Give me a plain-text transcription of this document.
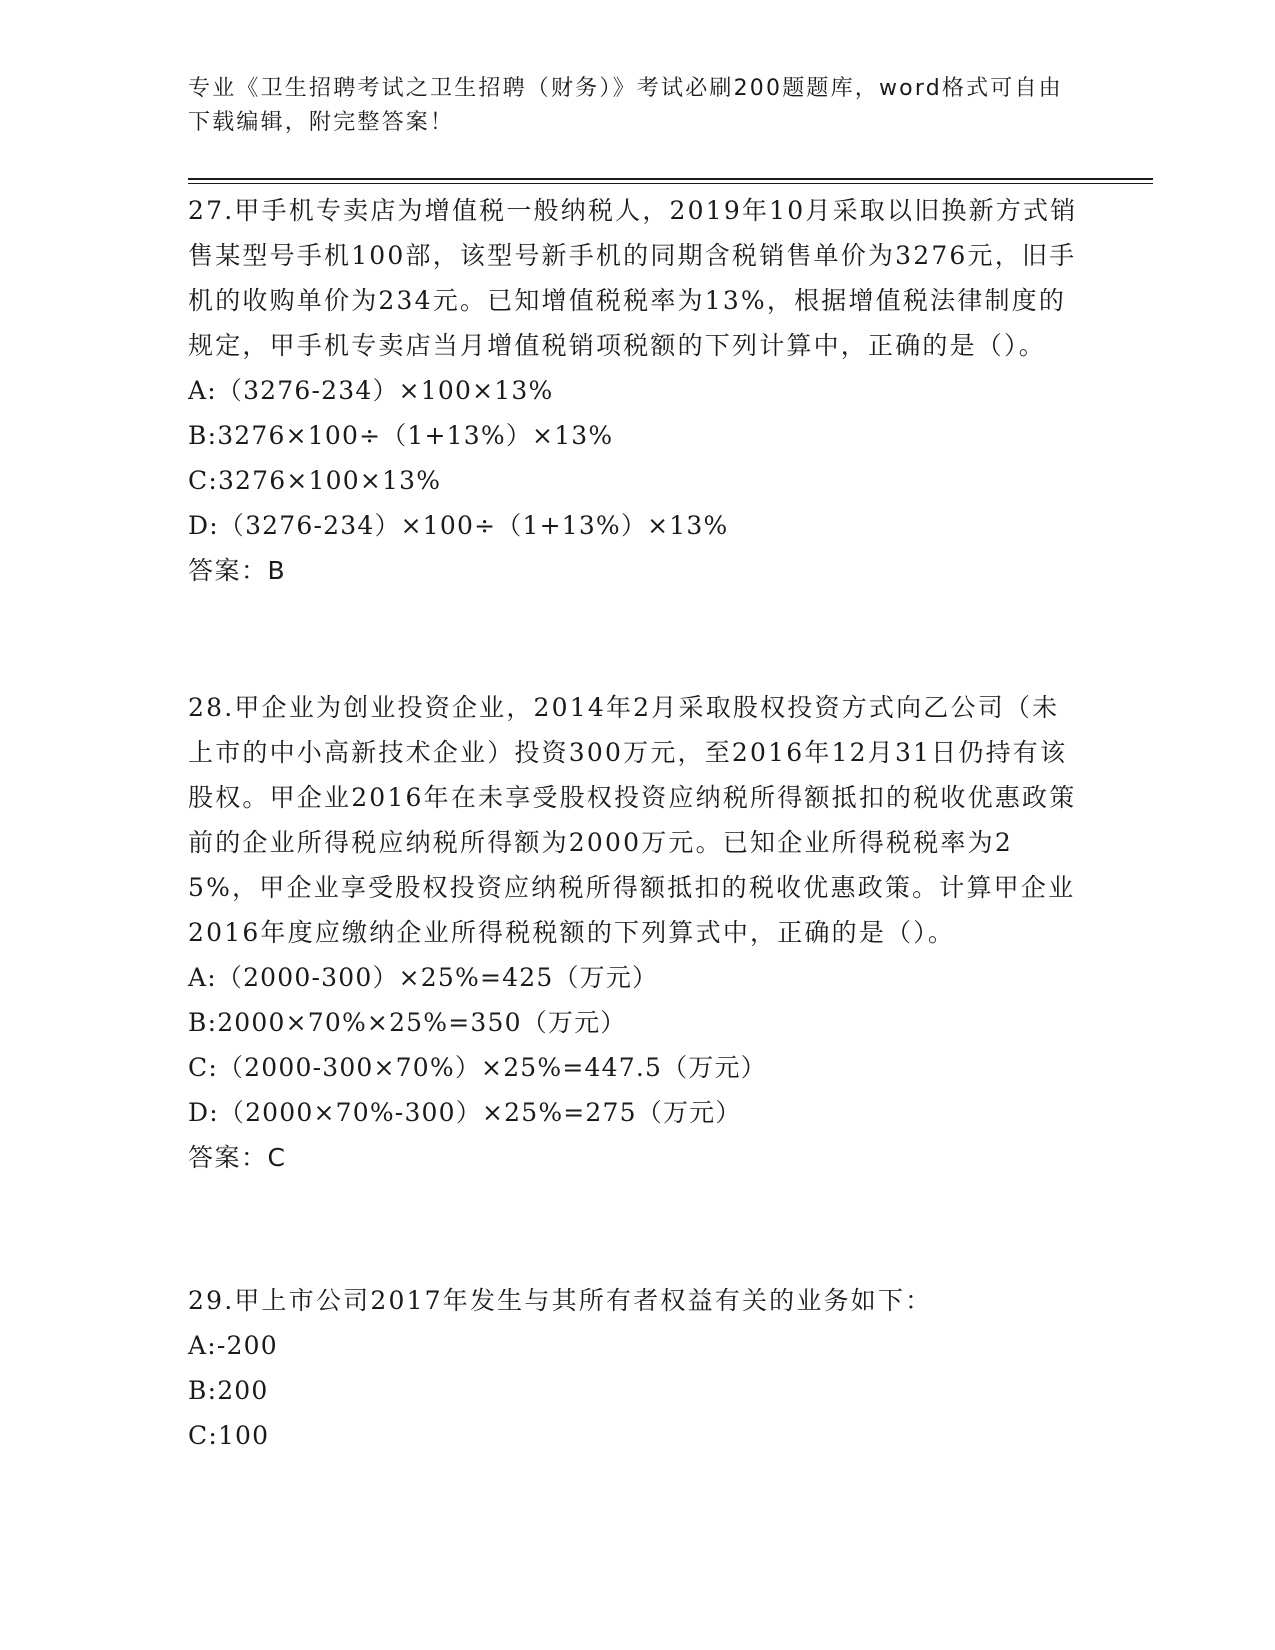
专业《卫生招聘考试之卫生招聘（财务）》考试必刷200题题库，word格式可自由下载编辑，附完整答案！
27.甲手机专卖店为增值税一般纳税人，2019年10月采取以旧换新方式销售某型号手机100部，该型号新手机的同期含税销售单价为3276元，旧手机的收购单价为234元。已知增值税税率为13%，根据增值税法律制度的规定，甲手机专卖店当月增值税销项税额的下列计算中，正确的是（）。
A:（3276-234）×100×13%
B:3276×100÷（1+13%）×13%
C:3276×100×13%
D:（3276-234）×100÷（1+13%）×13%
答案：B
28.甲企业为创业投资企业，2014年2月采取股权投资方式向乙公司（未上市的中小高新技术企业）投资300万元，至2016年12月31日仍持有该股权。甲企业2016年在未享受股权投资应纳税所得额抵扣的税收优惠政策前的企业所得税应纳税所得额为2000万元。已知企业所得税税率为25%，甲企业享受股权投资应纳税所得额抵扣的税收优惠政策。计算甲企业2016年度应缴纳企业所得税税额的下列算式中，正确的是（）。
A:（2000-300）×25%=425（万元）
B:2000×70%×25%=350（万元）
C:（2000-300×70%）×25%=447.5（万元）
D:（2000×70%-300）×25%=275（万元）
答案：C
29.甲上市公司2017年发生与其所有者权益有关的业务如下：
A:-200
B:200
C:100
